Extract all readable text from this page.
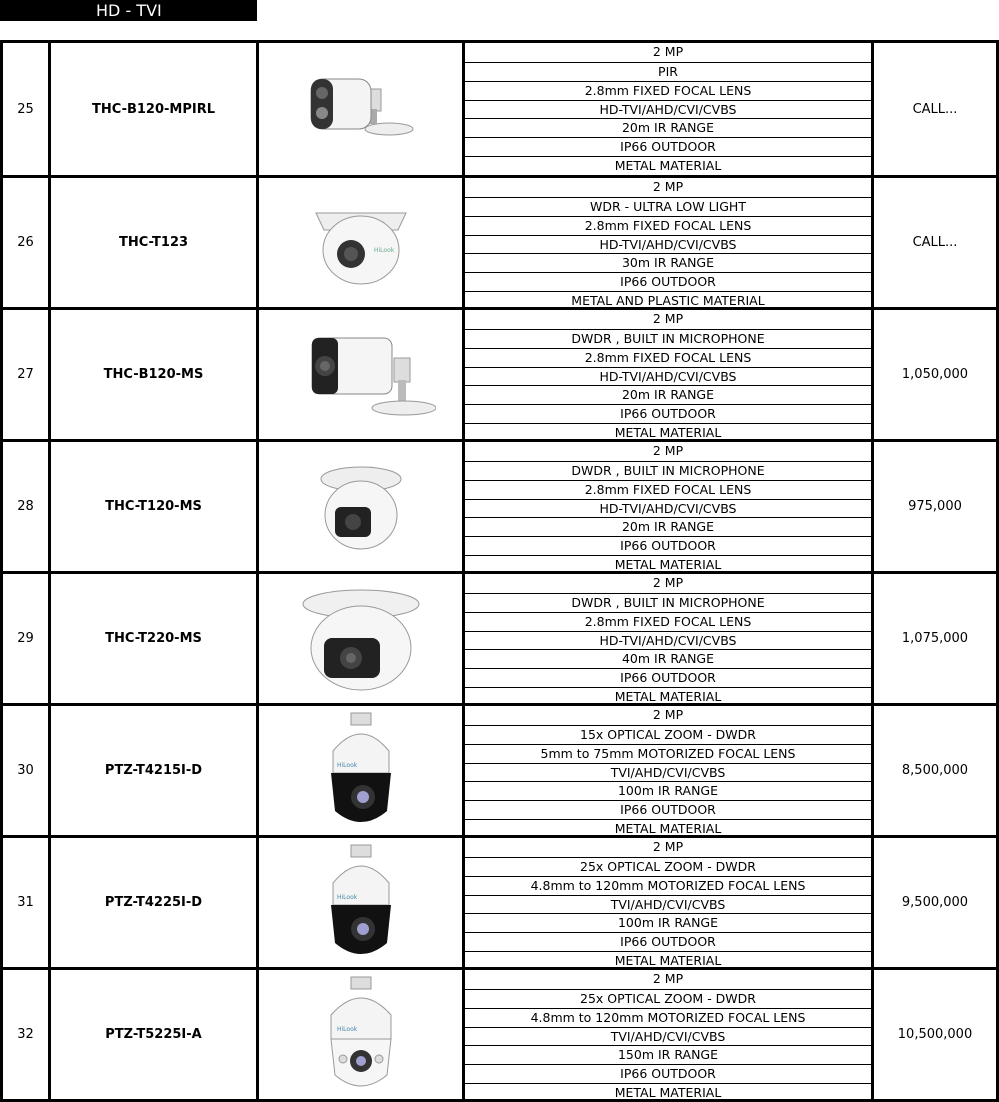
HD - TVI
25	THC-B120-MPIRL
2 MP
PIR
2.8mm FIXED FOCAL LENS
HD-TVI/AHD/CVI/CVBS
20m IR RANGE
IP66 OUTDOOR
METAL MATERIAL
CALL...
26	THC-T123	HiLook
2 MP
WDR - ULTRA LOW LIGHT
2.8mm FIXED FOCAL LENS
HD-TVI/AHD/CVI/CVBS
30m IR RANGE
IP66 OUTDOOR
METAL AND PLASTIC MATERIAL
CALL...
27	THC-B120-MS
2 MP
DWDR , BUILT IN MICROPHONE
2.8mm FIXED FOCAL LENS
HD-TVI/AHD/CVI/CVBS
20m IR RANGE
IP66 OUTDOOR
METAL MATERIAL
1,050,000
28	THC-T120-MS
2 MP
DWDR , BUILT IN MICROPHONE
2.8mm FIXED FOCAL LENS
HD-TVI/AHD/CVI/CVBS
20m IR RANGE
IP66 OUTDOOR
METAL MATERIAL
975,000
29	THC-T220-MS
2 MP
DWDR , BUILT IN MICROPHONE
2.8mm FIXED FOCAL LENS
HD-TVI/AHD/CVI/CVBS
40m IR RANGE
IP66 OUTDOOR
METAL MATERIAL
1,075,000
30	PTZ-T4215I-D	HiLook
2 MP
15x OPTICAL ZOOM - DWDR
5mm to 75mm MOTORIZED FOCAL LENS
TVI/AHD/CVI/CVBS
100m IR RANGE
IP66 OUTDOOR
METAL MATERIAL
8,500,000
31	PTZ-T4225I-D	HiLook
2 MP
25x OPTICAL ZOOM - DWDR
4.8mm to 120mm MOTORIZED FOCAL LENS
TVI/AHD/CVI/CVBS
100m IR RANGE
IP66 OUTDOOR
METAL MATERIAL
9,500,000
32	PTZ-T5225I-A	HiLook
2 MP
25x OPTICAL ZOOM - DWDR
4.8mm to 120mm MOTORIZED FOCAL LENS
TVI/AHD/CVI/CVBS
150m IR RANGE
IP66 OUTDOOR
METAL MATERIAL
10,500,000
